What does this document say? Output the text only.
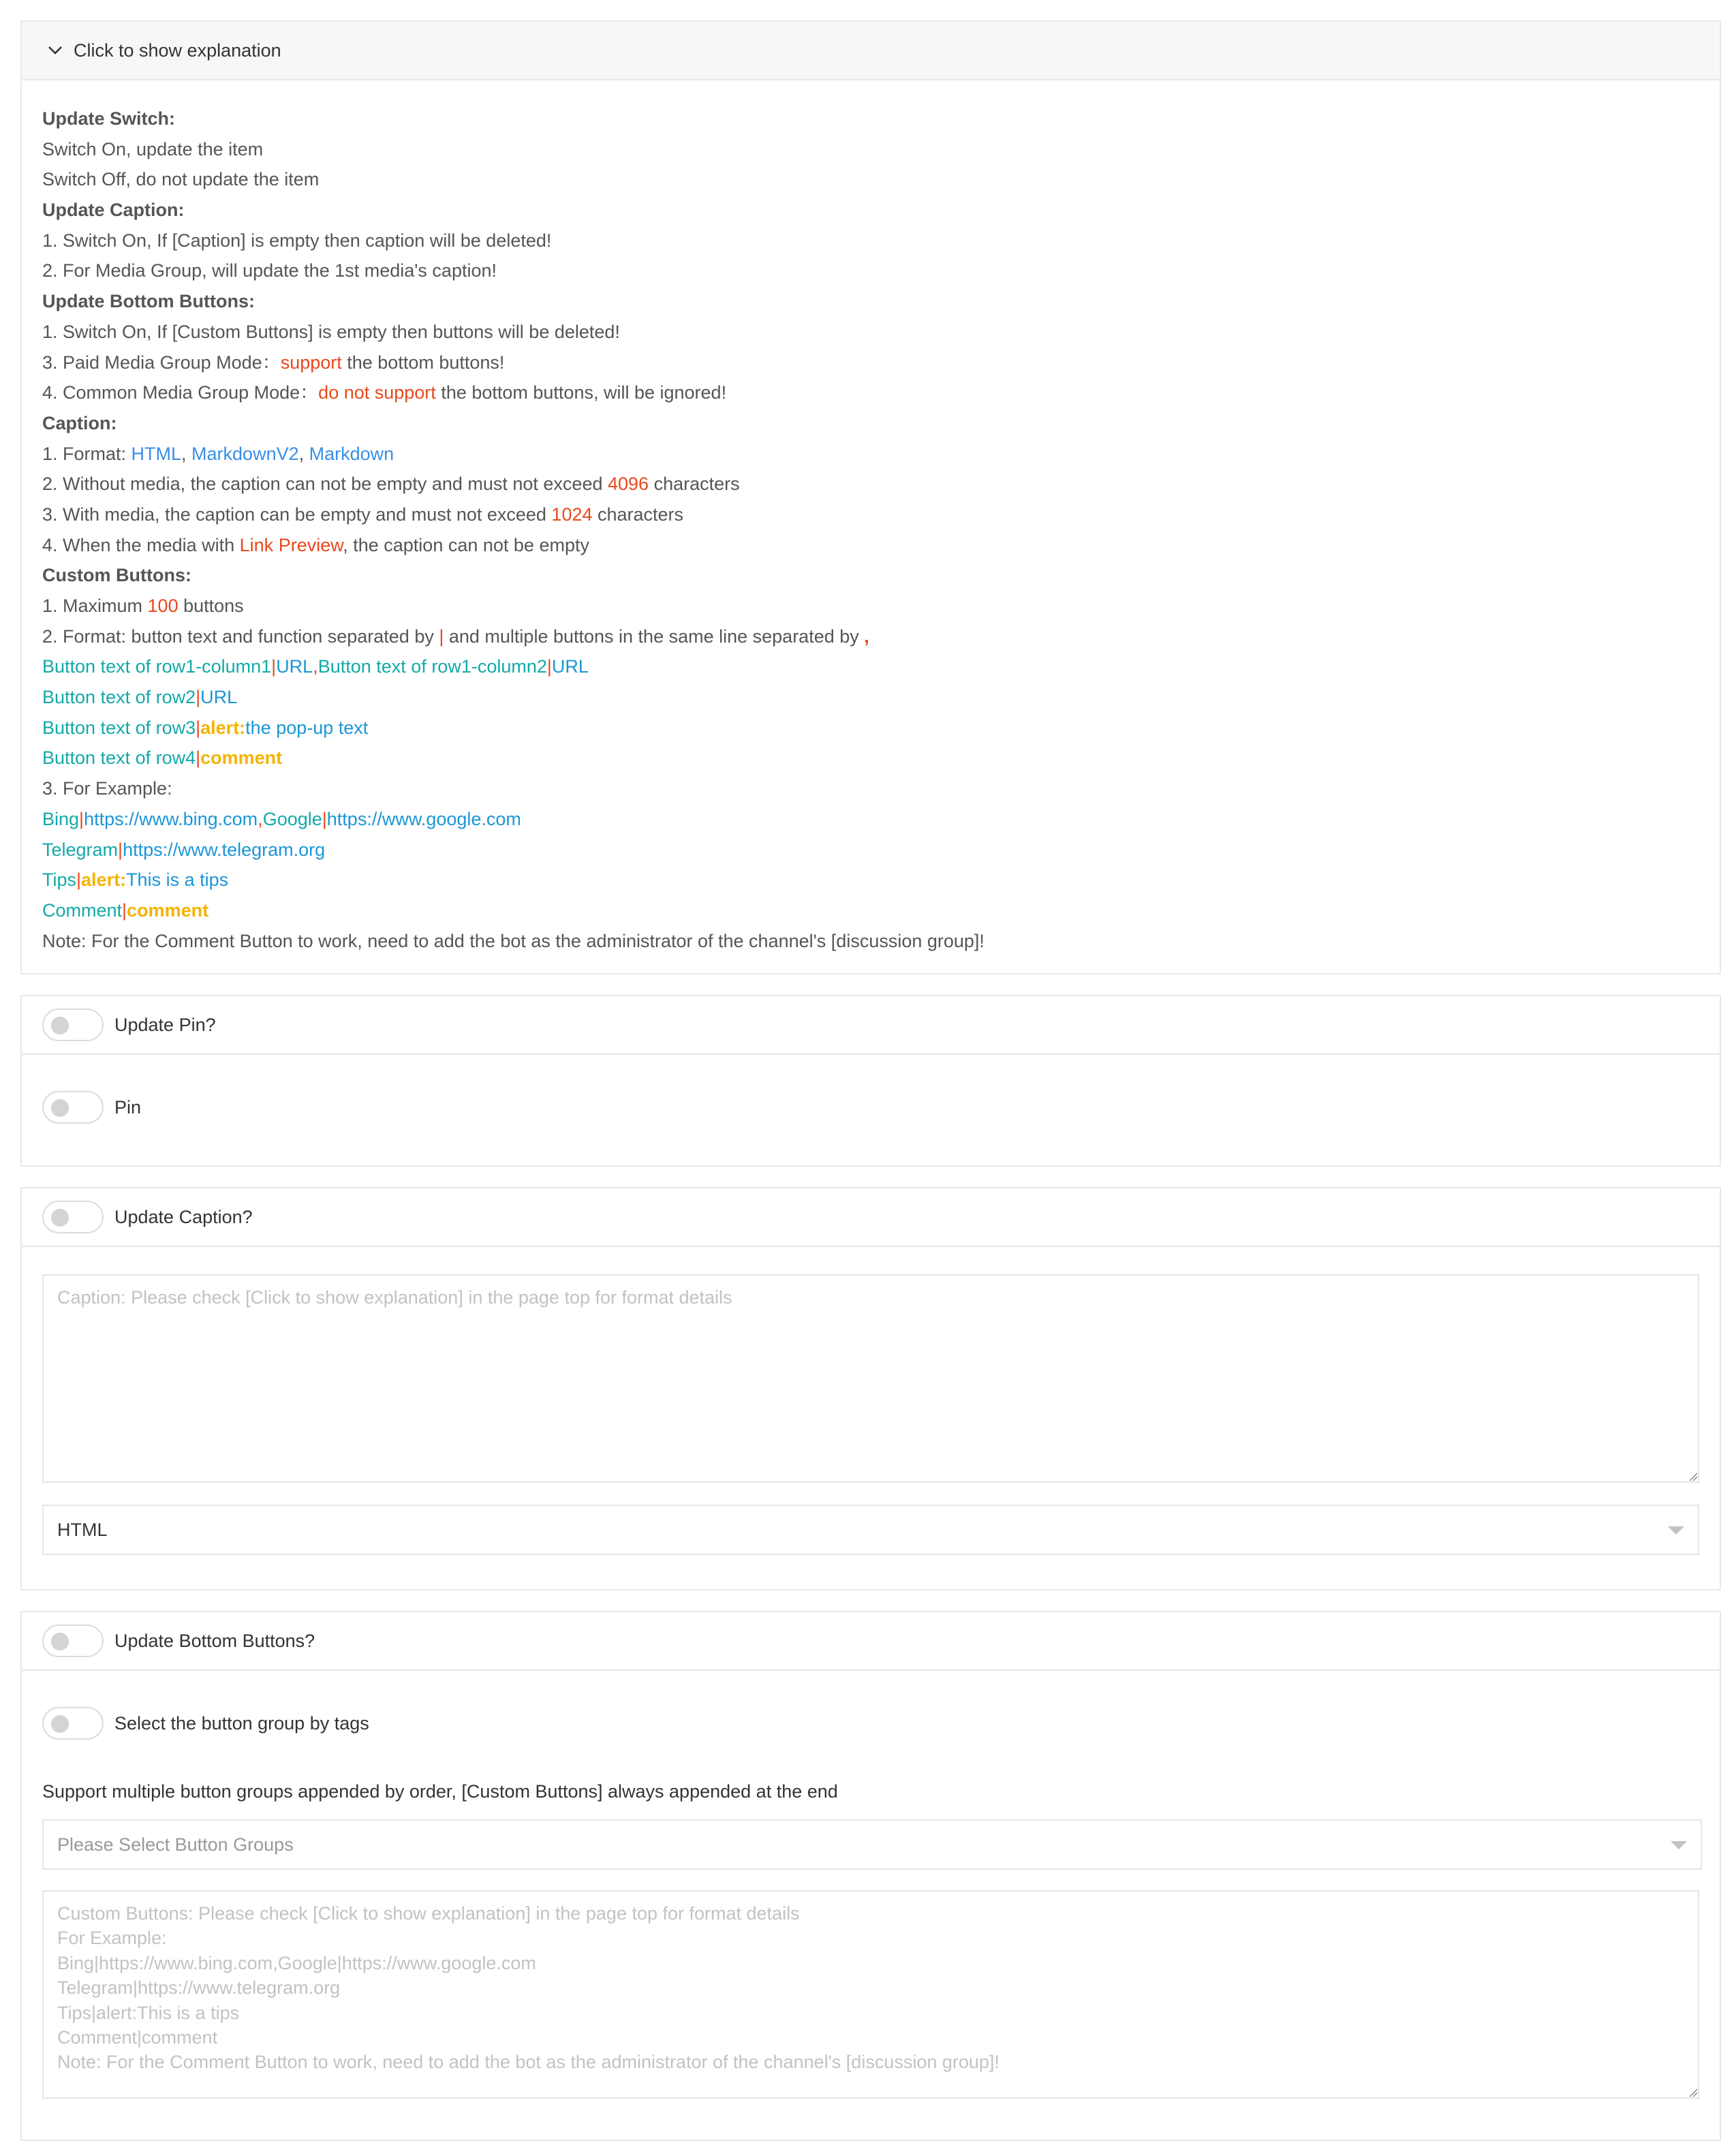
Click to show explanation
Update Switch:
Switch On, update the item
Switch Off, do not update the item
Update Caption:
1. Switch On, If [Caption] is empty then caption will be deleted!
2. For Media Group, will update the 1st media's caption!
Update Bottom Buttons:
1. Switch On, If [Custom Buttons] is empty then buttons will be deleted!
3. Paid Media Group Mode：support the bottom buttons!
4. Common Media Group Mode：do not support the bottom buttons, will be ignored!
Caption:
1. Format: HTML, MarkdownV2, Markdown
2. Without media, the caption can not be empty and must not exceed 4096 characters
3. With media, the caption can be empty and must not exceed 1024 characters
4. When the media with Link Preview, the caption can not be empty
Custom Buttons:
1. Maximum 100 buttons
2. Format: button text and function separated by | and multiple buttons in the same line separated by ,
Button text of row1-column1|URL,Button text of row1-column2|URL
Button text of row2|URL
Button text of row3|alert:the pop-up text
Button text of row4|comment
3. For Example:
Bing|https://www.bing.com,Google|https://www.google.com
Telegram|https://www.telegram.org
Tips|alert:This is a tips
Comment|comment
Note: For the Comment Button to work, need to add the bot as the administrator of the channel's [discussion group]!
Update Pin?
Pin
Update Caption?
Caption: Please check [Click to show explanation] in the page top for format details
HTML
Update Bottom Buttons?
Select the button group by tags
Support multiple button groups appended by order, [Custom Buttons] always appended at the end
Please Select Button Groups
Custom Buttons: Please check [Click to show explanation] in the page top for format details For Example: Bing|https://www.bing.com,Google|https://www.google.com Telegram|https://www.telegram.org Tips|alert:This is a tips Comment|comment Note: For the Comment Button to work, need to add the bot as the administrator of the channel's [discussion group]!
